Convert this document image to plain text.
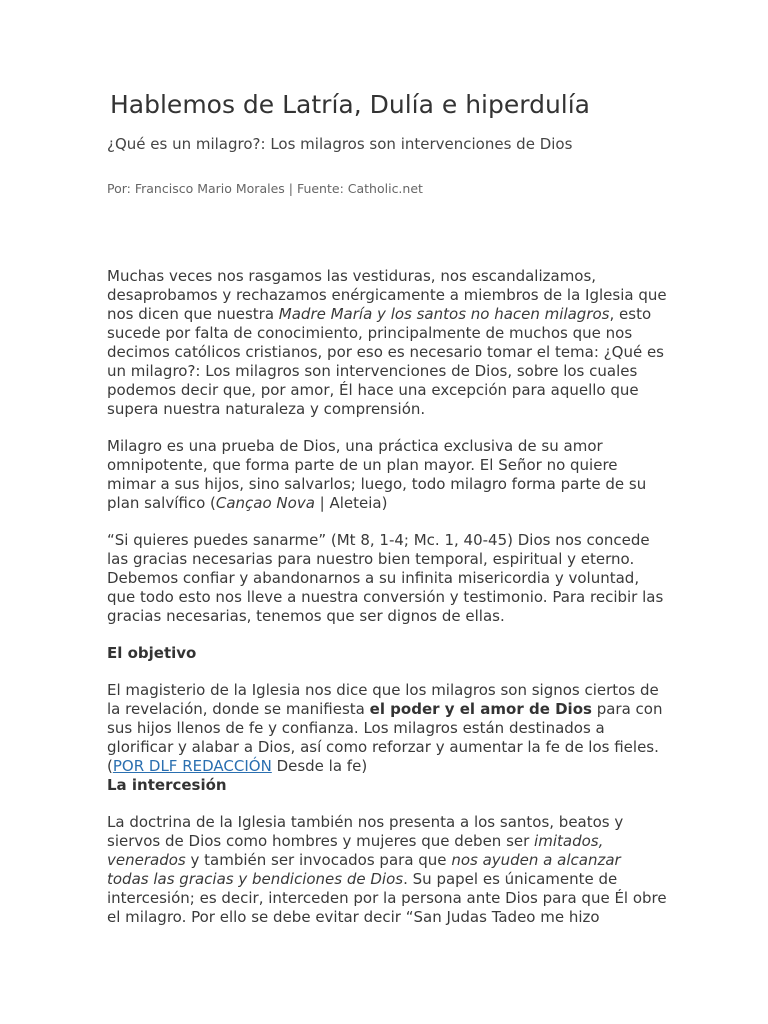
Hablemos de Latría, Dulía e hiperdulía

¿Qué es un milagro?: Los milagros son intervenciones de Dios

Por: Francisco Mario Morales | Fuente: Catholic.net

Muchas veces nos rasgamos las vestiduras, nos escandalizamos, desaprobamos y rechazamos enérgicamente a miembros de la Iglesia que nos dicen que nuestra Madre María y los santos no hacen milagros, esto sucede por falta de conocimiento, principalmente de muchos que nos decimos católicos cristianos, por eso es necesario tomar el tema: ¿Qué es un milagro?: Los milagros son intervenciones de Dios, sobre los cuales podemos decir que, por amor, Él hace una excepción para aquello que supera nuestra naturaleza y comprensión.

Milagro es una prueba de Dios, una práctica exclusiva de su amor omnipotente, que forma parte de un plan mayor. El Señor no quiere mimar a sus hijos, sino salvarlos; luego, todo milagro forma parte de su plan salvífico (Cançao Nova | Aleteia)

“Si quieres puedes sanarme” (Mt 8, 1-4; Mc. 1, 40-45) Dios nos concede las gracias necesarias para nuestro bien temporal, espiritual y eterno. Debemos confiar y abandonarnos a su infinita misericordia y voluntad, que todo esto nos lleve a nuestra conversión y testimonio. Para recibir las gracias necesarias, tenemos que ser dignos de ellas.

El objetivo

El magisterio de la Iglesia nos dice que los milagros son signos ciertos de la revelación, donde se manifiesta el poder y el amor de Dios para con sus hijos llenos de fe y confianza. Los milagros están destinados a glorificar y alabar a Dios, así como reforzar y aumentar la fe de los fieles. (POR DLF REDACCIÓN Desde la fe)

La intercesión

La doctrina de la Iglesia también nos presenta a los santos, beatos y siervos de Dios como hombres y mujeres que deben ser imitados, venerados y también ser invocados para que nos ayuden a alcanzar todas las gracias y bendiciones de Dios. Su papel es únicamente de intercesión; es decir, interceden por la persona ante Dios para que Él obre el milagro. Por ello se debe evitar decir “San Judas Tadeo me hizo
